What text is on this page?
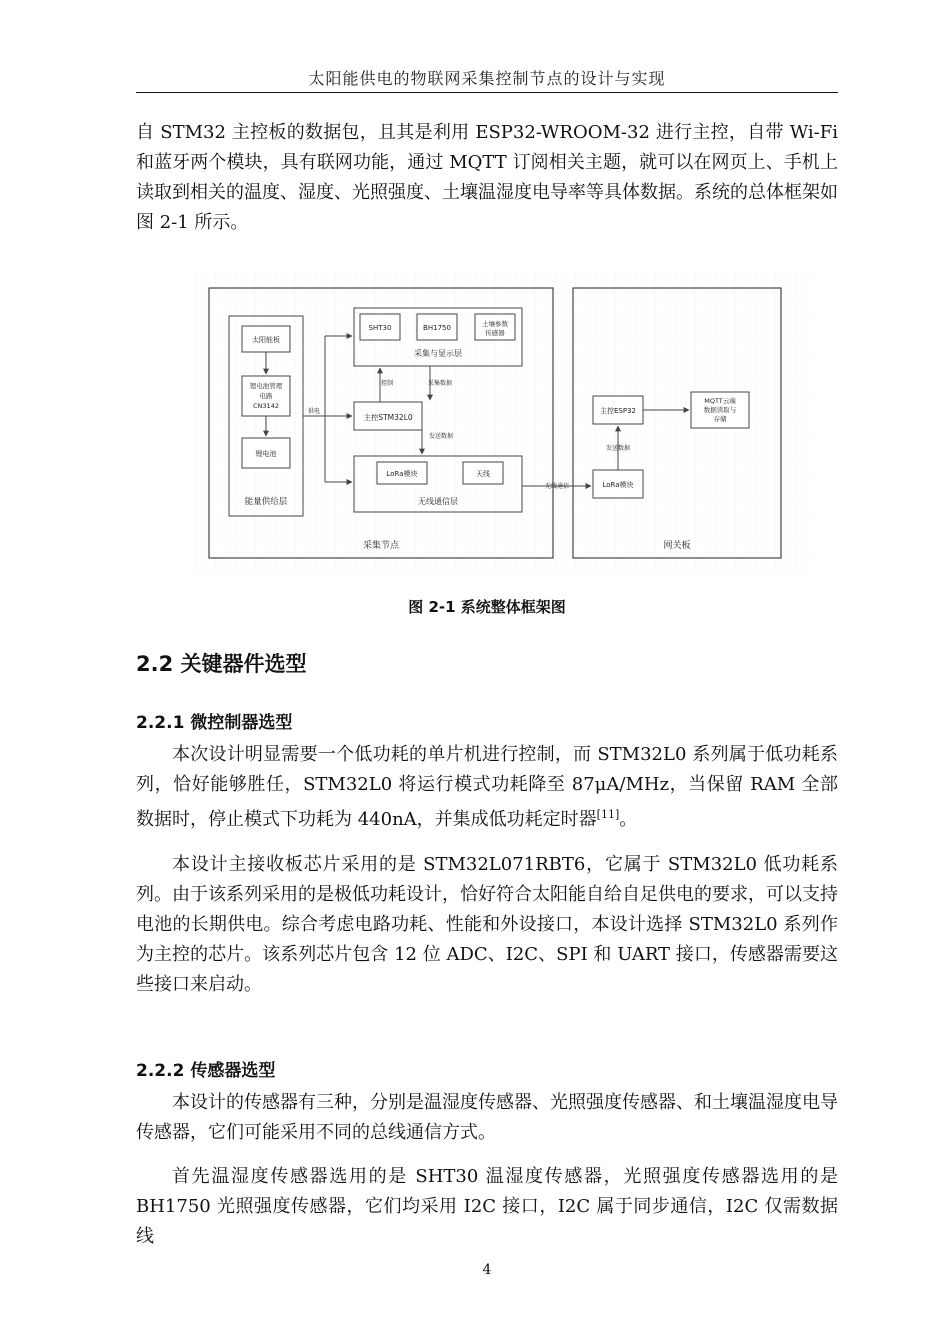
太阳能供电的物联网采集控制节点的设计与实现

自 STM32 主控板的数据包，且其是利用 ESP32-WROOM-32 进行主控，自带 Wi-Fi 和蓝牙两个模块，具有联网功能，通过 MQTT 订阅相关主题，就可以在网页上、手机上读取到相关的温度、湿度、光照强度、土壤温湿度电导率等具体数据。系统的总体框架如图 2-1 所示。

采集节点	网关板
能量供给层
太阳能板
锂电池管理
电路
CN3142
锂电池
供电
SHT30	BH1750	土壤参数
传感器
采集与显示层
主控STM32L0
控制	采集数据
发送数据
LoRa模块	天线
无线通信层
无线通信	LoRa模块
发送数据
主控ESP32
MQTT云端
数据读取与
存储
图 2-1 系统整体框架图
2.2 关键器件选型
2.2.1 微控制器选型

本次设计明显需要一个低功耗的单片机进行控制，而 STM32L0 系列属于低功耗系列，恰好能够胜任，STM32L0 将运行模式功耗降至 87μA/MHz，当保留 RAM 全部数据时，停止模式下功耗为 440nA，并集成低功耗定时器[11]。

本设计主接收板芯片采用的是 STM32L071RBT6，它属于 STM32L0 低功耗系列。由于该系列采用的是极低功耗设计，恰好符合太阳能自给自足供电的要求，可以支持电池的长期供电。综合考虑电路功耗、性能和外设接口，本设计选择 STM32L0 系列作为主控的芯片。该系列芯片包含 12 位 ADC、I2C、SPI 和 UART 接口，传感器需要这些接口来启动。

2.2.2 传感器选型

本设计的传感器有三种，分别是温湿度传感器、光照强度传感器、和土壤温湿度电导传感器，它们可能采用不同的总线通信方式。

首先温湿度传感器选用的是 SHT30 温湿度传感器，光照强度传感器选用的是 BH1750 光照强度传感器，它们均采用 I2C 接口，I2C 属于同步通信，I2C 仅需数据线

4
